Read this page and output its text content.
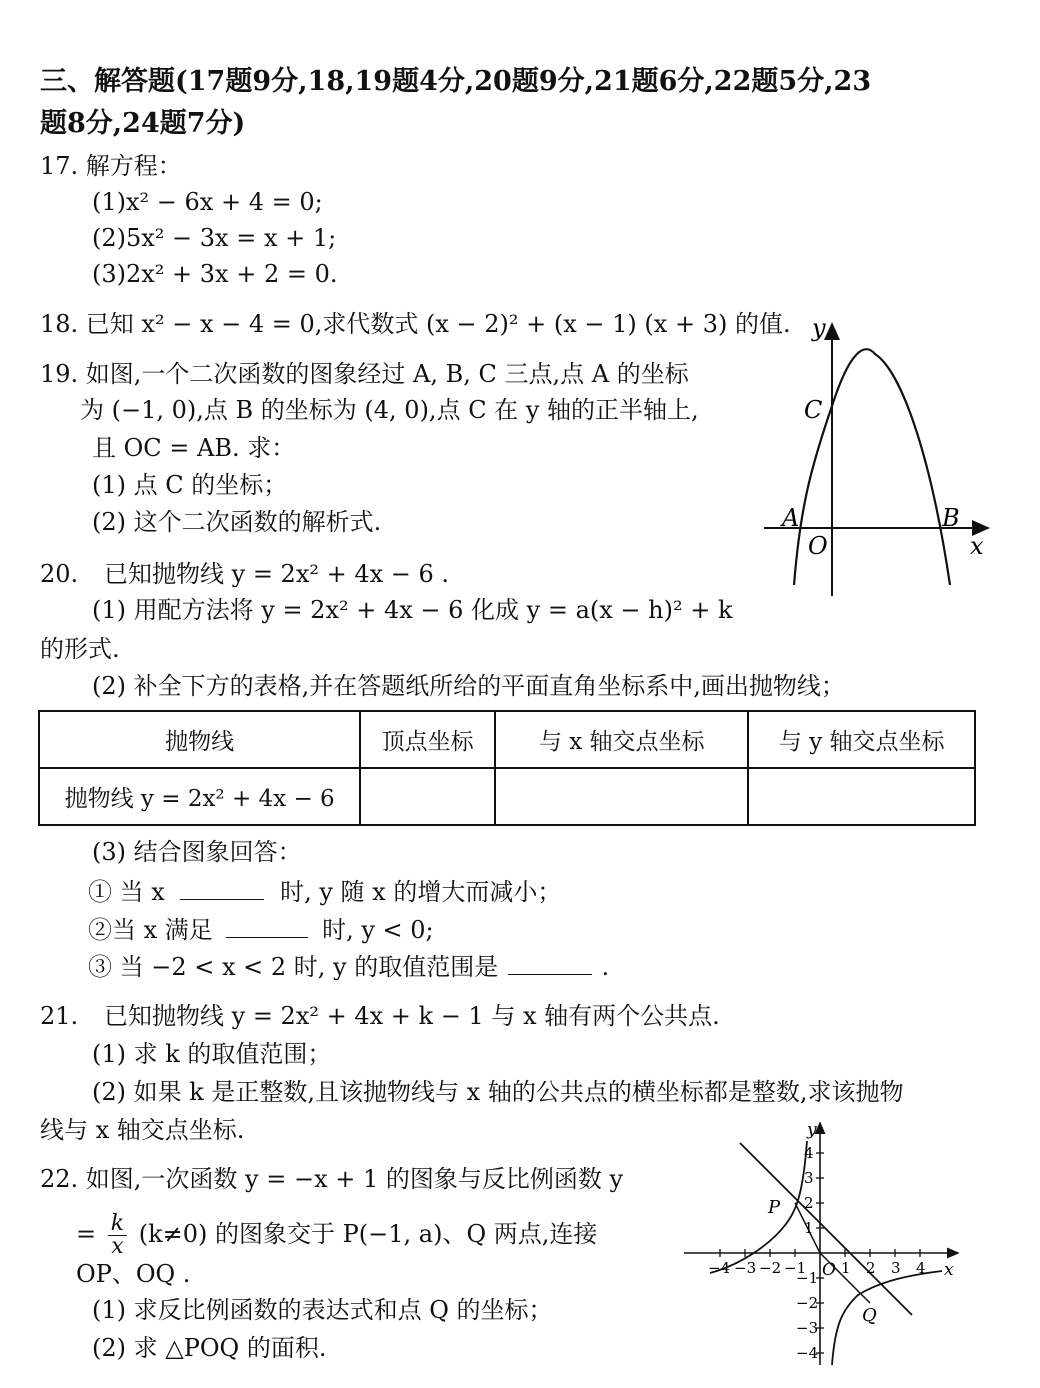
三、解答题(17题9分,18,19题4分,20题9分,21题6分,22题5分,23
题8分,24题7分)
17. 解方程：
(1)x² − 6x + 4 = 0;
(2)5x² − 3x = x + 1;
(3)2x² + 3x + 2 = 0.
18. 已知 x² − x − 4 = 0,求代数式 (x − 2)² + (x − 1) (x + 3) 的值.
19. 如图,一个二次函数的图象经过 A, B, C 三点,点 A 的坐标
为 (−1, 0),点 B 的坐标为 (4, 0),点 C 在 y 轴的正半轴上,
且 OC = AB. 求：
(1) 点 C 的坐标；
(2) 这个二次函数的解析式.
y
x
C
A	B
O
20. 已知抛物线 y = 2x² + 4x − 6 .
(1) 用配方法将 y = 2x² + 4x − 6 化成 y = a(x − h)² + k
的形式.
(2) 补全下方的表格,并在答题纸所给的平面直角坐标系中,画出抛物线；
抛物线	顶点坐标	与 x 轴交点坐标	与 y 轴交点坐标
抛物线 y = 2x² + 4x − 6			
(3) 结合图象回答：
① 当 x	时, y 随 x 的增大而减小；
②当 x 满足	时, y < 0;
③ 当 −2 < x < 2 时, y 的取值范围是	.
21. 已知抛物线 y = 2x² + 4x + k − 1 与 x 轴有两个公共点.
(1) 求 k 的取值范围；
(2) 如果 k 是正整数,且该抛物线与 x 轴的公共点的横坐标都是整数,求该抛物
线与 x 轴交点坐标.
22. 如图,一次函数 y = −x + 1 的图象与反比例函数 y
= $\frac{k}{x} (k\ne 0)$ 的图象交于 P(−1, a)、Q 两点,连接
OP、OQ .
(1) 求反比例函数的表达式和点 Q 的坐标；
(2) 求 △POQ 的面积.
y
x
O
P
Q
−4 −3 −2 −1 1 2 3 4
4
3
2
1
−1
−2
−3
−4
